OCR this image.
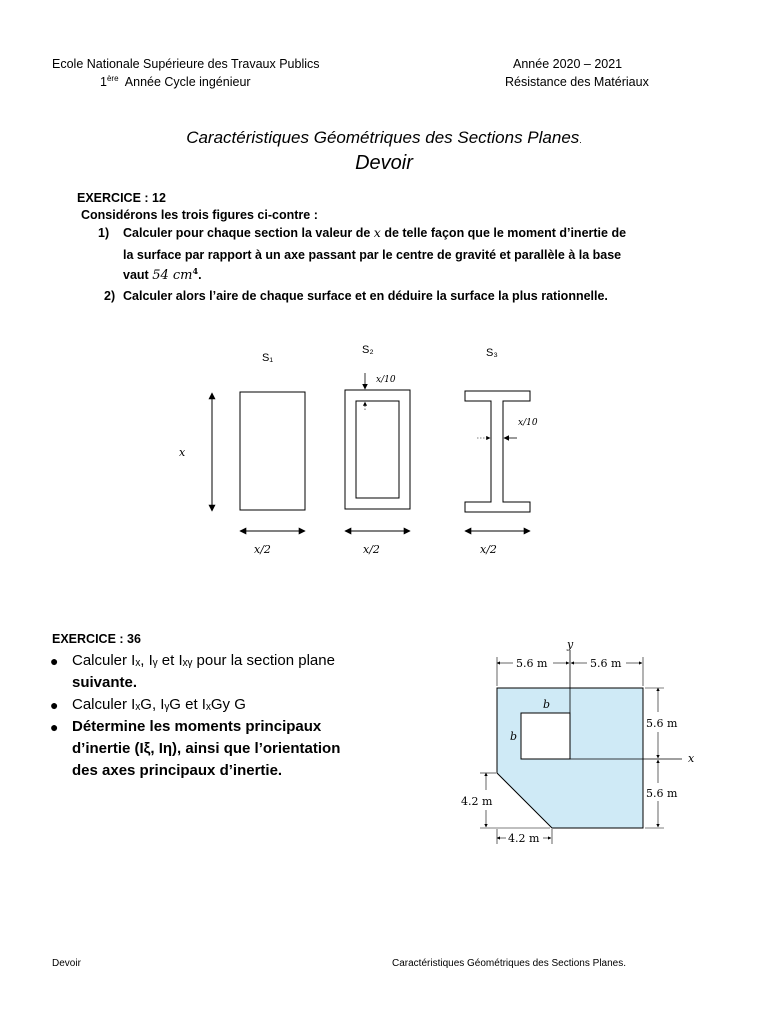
Ecole Nationale Supérieure des Travaux Publics
1ère Année Cycle ingénieur
Année 2020 – 2021
Résistance des Matériaux
Caractéristiques Géométriques des Sections Planes.
Devoir
EXERCICE : 12
Considérons les trois figures ci-contre :
1) Calculer pour chaque section la valeur de x de telle façon que le moment d’inertie de
la surface par rapport à un axe passant par le centre de gravité et parallèle à la base
vaut 54 $cm^4$.
2) Calculer alors l’aire de chaque surface et en déduire la surface la plus rationnelle.
S₁
S₂	S₃
x
x/2
x/10
x/2
x/10
x/2
EXERCICE : 36
● Calculer Iₓ, Iᵧ et Iₓᵧ pour la section plane
suivante.
● Calculer IₓG, IᵧG et IₓGy G
● Détermine les moments principaux
d’inertie (Iξ, Iη), ainsi que l’orientation
des axes principaux d’inertie.
y
x
5.6 m	5.6 m
5.6 m
5.6 m
4.2 m
4.2 m
b
b
Devoir	Caractéristiques Géométriques des Sections Planes.
